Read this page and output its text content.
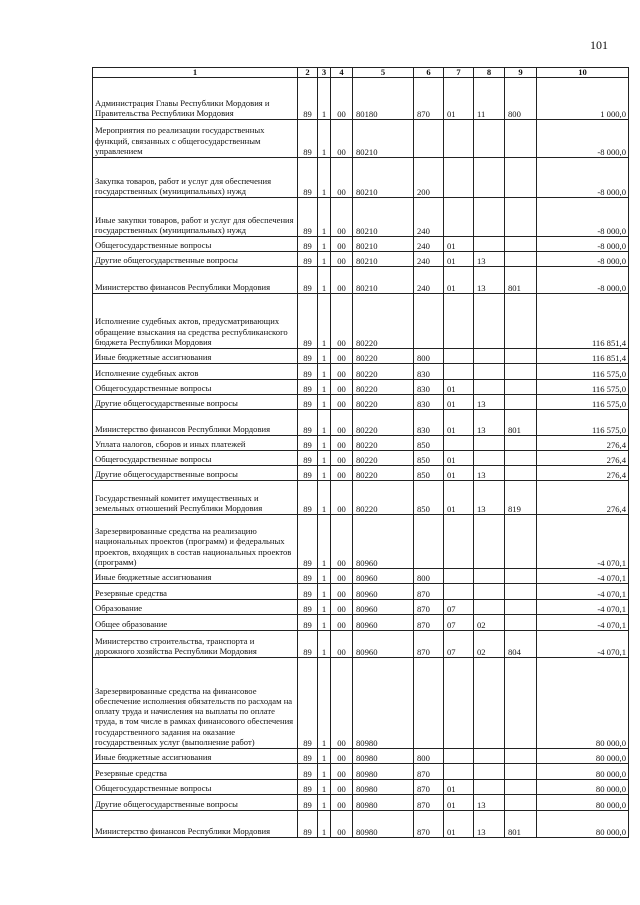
101
1	2	3	4	5	6	7	8	9	10
Администрация Главы Республики Мордовия и Правительства Республики Мордовия	89	1	00	80180	870	01	11	800	1 000,0
Мероприятия по реализации государственных функций, связанных с общегосударственным управлением	89	1	00	80210					-8 000,0
Закупка товаров, работ и услуг для обеспечения государственных (муниципальных) нужд	89	1	00	80210	200				-8 000,0
Иные закупки товаров, работ и услуг для обеспечения государственных (муниципальных) нужд	89	1	00	80210	240				-8 000,0
Общегосударственные вопросы	89	1	00	80210	240	01			-8 000,0
Другие общегосударственные вопросы	89	1	00	80210	240	01	13		-8 000,0
Министерство финансов Республики Мордовия	89	1	00	80210	240	01	13	801	-8 000,0
Исполнение судебных актов, предусматривающих обращение взыскания на средства республиканского бюджета Республики Мордовия	89	1	00	80220					116 851,4
Иные бюджетные ассигнования	89	1	00	80220	800				116 851,4
Исполнение судебных актов	89	1	00	80220	830				116 575,0
Общегосударственные вопросы	89	1	00	80220	830	01			116 575,0
Другие общегосударственные вопросы	89	1	00	80220	830	01	13		116 575,0
Министерство финансов Республики Мордовия	89	1	00	80220	830	01	13	801	116 575,0
Уплата налогов, сборов и иных платежей	89	1	00	80220	850				276,4
Общегосударственные вопросы	89	1	00	80220	850	01			276,4
Другие общегосударственные вопросы	89	1	00	80220	850	01	13		276,4
Государственный комитет имущественных и земельных отношений Республики Мордовия	89	1	00	80220	850	01	13	819	276,4
Зарезервированные средства на реализацию национальных проектов (программ) и федеральных проектов, входящих в состав национальных проектов (программ)	89	1	00	80960					-4 070,1
Иные бюджетные ассигнования	89	1	00	80960	800				-4 070,1
Резервные средства	89	1	00	80960	870				-4 070,1
Образование	89	1	00	80960	870	07			-4 070,1
Общее образование	89	1	00	80960	870	07	02		-4 070,1
Министерство строительства, транспорта и дорожного хозяйства Республики Мордовия	89	1	00	80960	870	07	02	804	-4 070,1
Зарезервированные средства на финансовое обеспечение исполнения обязательств по расходам на оплату труда и начисления на выплаты по оплате труда, в том числе в рамках финансового обеспечения государственного задания на оказание государственных услуг (выполнение работ)	89	1	00	80980					80 000,0
Иные бюджетные ассигнования	89	1	00	80980	800				80 000,0
Резервные средства	89	1	00	80980	870				80 000,0
Общегосударственные вопросы	89	1	00	80980	870	01			80 000,0
Другие общегосударственные вопросы	89	1	00	80980	870	01	13		80 000,0
Министерство финансов Республики Мордовия	89	1	00	80980	870	01	13	801	80 000,0
